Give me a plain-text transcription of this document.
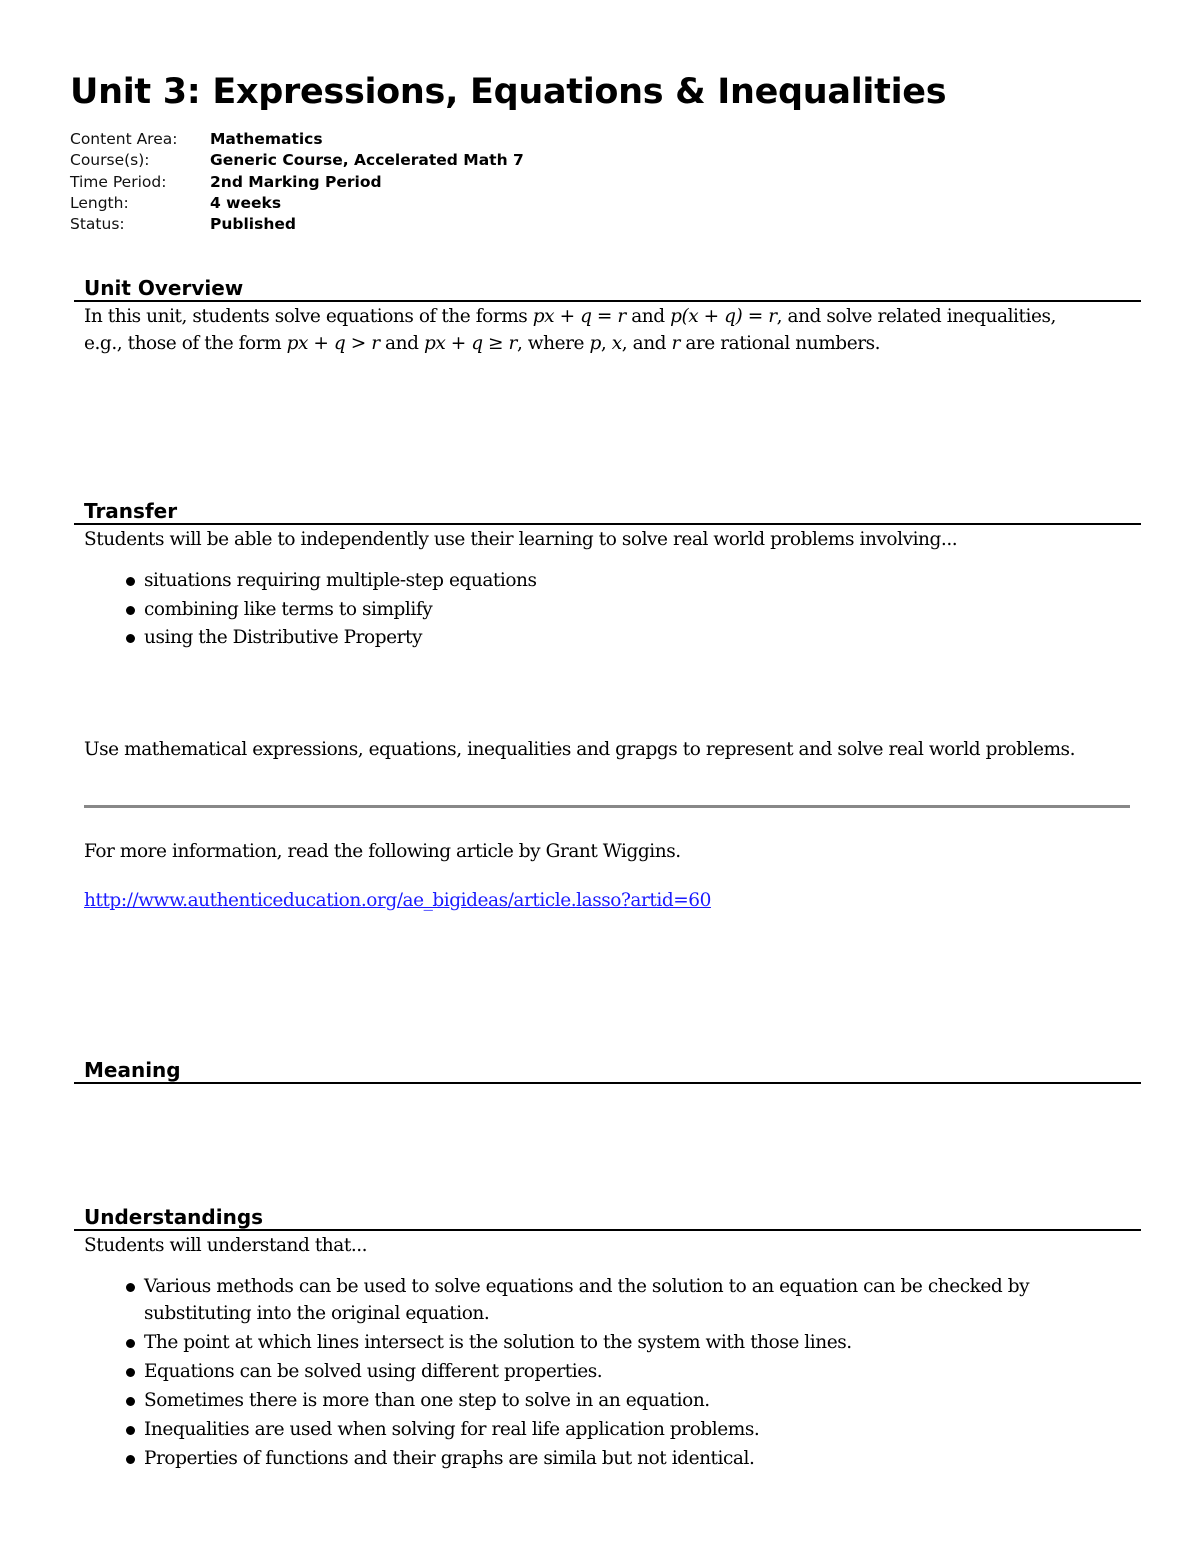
Unit 3: Expressions, Equations & Inequalities
Content Area:	Mathematics
Course(s):	Generic Course, Accelerated Math 7
Time Period:	2nd Marking Period
Length:	4 weeks
Status:	Published
Unit Overview

In this unit, students solve equations of the forms px + q = r and p(x + q) = r, and solve related inequalities,

e.g., those of the form px + q > r and px + q ≥ r, where p, x, and r are rational numbers.

Transfer
Students will be able to independently use their learning to solve real world problems involving...
situations requiring multiple-step equations
combining like terms to simplify
using the Distributive Property
Use mathematical expressions, equations, inequalities and grapgs to represent and solve real world problems.
For more information, read the following article by Grant Wiggins.
http://www.authenticeducation.org/ae_bigideas/article.lasso?artid=60
Meaning
Understandings
Students will understand that...
Various methods can be used to solve equations and the solution to an equation can be checked by substituting into the original equation.
The point at which lines intersect is the solution to the system with those lines.
Equations can be solved using different properties.
Sometimes there is more than one step to solve in an equation.
Inequalities are used when solving for real life application problems.
Properties of functions and their graphs are simila but not identical.
